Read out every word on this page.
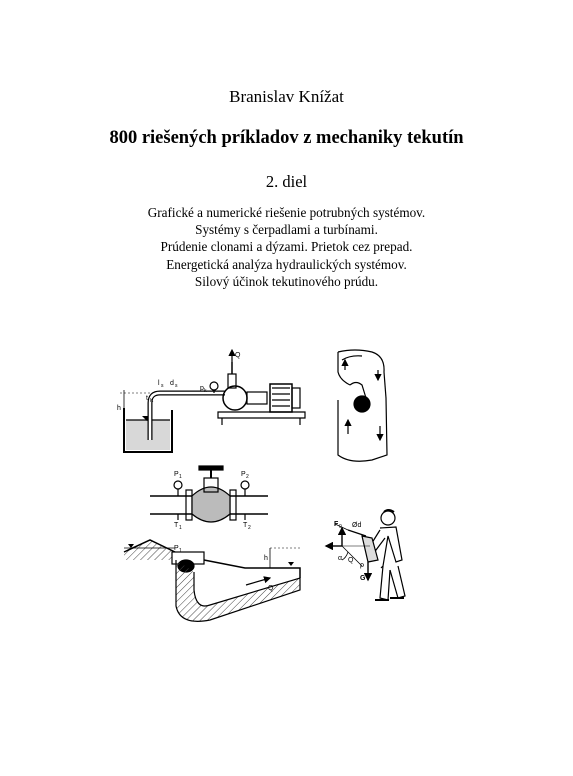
Branislav Knížat
800 riešených príkladov z mechaniky tekutín
2. diel
Grafické a numerické riešenie potrubných systémov.
Systémy s čerpadlami a turbínami.
Prúdenie clonami a dýzami. Prietok cez prepad.
Energetická analýza hydraulických systémov.
Silový účinok tekutinového prúdu.
Q
p k
l s d s
h
t K
P 1	P 2
T 1	T 2
P 1
h
Q
F 0 Ød
Q
G
α
ρ
